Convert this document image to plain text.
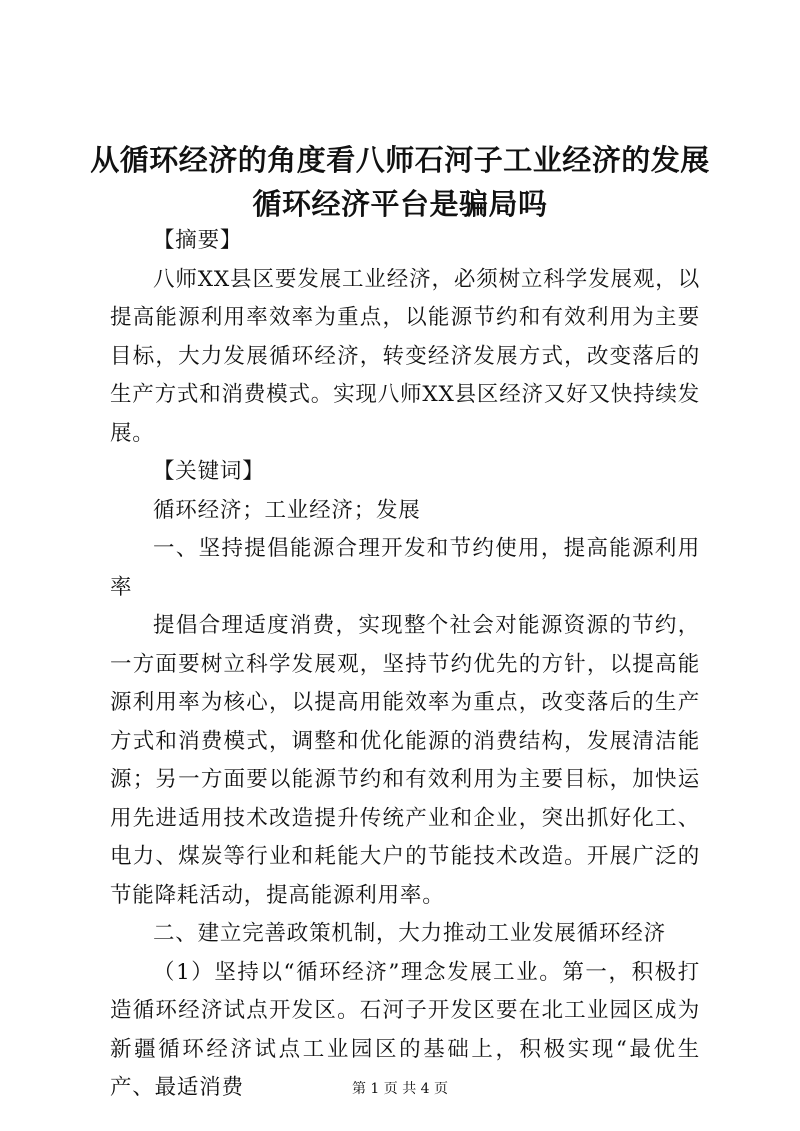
从循环经济的角度看八师石河子工业经济的发展循环经济平台是骗局吗

【摘要】

八师XX县区要发展工业经济，必须树立科学发展观，以提高能源利用率效率为重点，以能源节约和有效利用为主要目标，大力发展循环经济，转变经济发展方式，改变落后的生产方式和消费模式。实现八师XX县区经济又好又快持续发展。

【关键词】

循环经济；工业经济；发展

一、坚持提倡能源合理开发和节约使用，提高能源利用率

提倡合理适度消费，实现整个社会对能源资源的节约，一方面要树立科学发展观，坚持节约优先的方针，以提高能源利用率为核心，以提高用能效率为重点，改变落后的生产方式和消费模式，调整和优化能源的消费结构，发展清洁能源；另一方面要以能源节约和有效利用为主要目标，加快运用先进适用技术改造提升传统产业和企业，突出抓好化工、电力、煤炭等行业和耗能大户的节能技术改造。开展广泛的节能降耗活动，提高能源利用率。

二、建立完善政策机制，大力推动工业发展循环经济

（1）坚持以“循环经济”理念发展工业。第一，积极打造循环经济试点开发区。石河子开发区要在北工业园区成为新疆循环经济试点工业园区的基础上，积极实现“最优生产、最适消费	第 1 页 共 4 页
